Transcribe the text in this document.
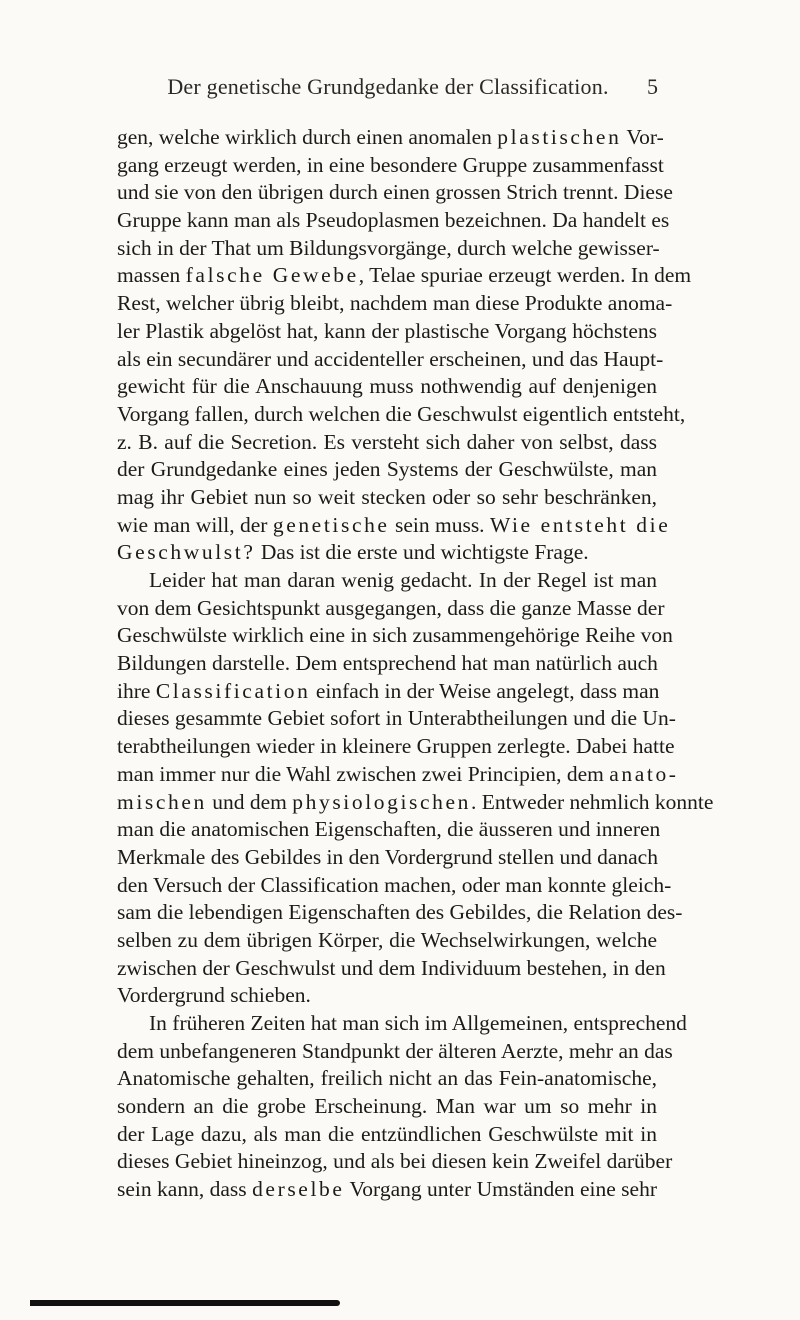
Der genetische Grundgedanke der Classification.	5
gen, welche wirklich durch einen anomalen plastischen Vor-
gang erzeugt werden, in eine besondere Gruppe zusammenfasst
und sie von den übrigen durch einen grossen Strich trennt. Diese
Gruppe kann man als Pseudoplasmen bezeichnen. Da handelt es
sich in der That um Bildungsvorgänge, durch welche gewisser-
massen falsche Gewebe, Telae spuriae erzeugt werden. In dem
Rest, welcher übrig bleibt, nachdem man diese Produkte anoma-
ler Plastik abgelöst hat, kann der plastische Vorgang höchstens
als ein secundärer und accidenteller erscheinen, und das Haupt-
gewicht für die Anschauung muss nothwendig auf denjenigen
Vorgang fallen, durch welchen die Geschwulst eigentlich entsteht,
z. B. auf die Secretion. Es versteht sich daher von selbst, dass
der Grundgedanke eines jeden Systems der Geschwülste, man
mag ihr Gebiet nun so weit stecken oder so sehr beschränken,
wie man will, der genetische sein muss. Wie entsteht die
Geschwulst? Das ist die erste und wichtigste Frage.
Leider hat man daran wenig gedacht. In der Regel ist man
von dem Gesichtspunkt ausgegangen, dass die ganze Masse der
Geschwülste wirklich eine in sich zusammengehörige Reihe von
Bildungen darstelle. Dem entsprechend hat man natürlich auch
ihre Classification einfach in der Weise angelegt, dass man
dieses gesammte Gebiet sofort in Unterabtheilungen und die Un-
terabtheilungen wieder in kleinere Gruppen zerlegte. Dabei hatte
man immer nur die Wahl zwischen zwei Principien, dem anato-
mischen und dem physiologischen. Entweder nehmlich konnte
man die anatomischen Eigenschaften, die äusseren und inneren
Merkmale des Gebildes in den Vordergrund stellen und danach
den Versuch der Classification machen, oder man konnte gleich-
sam die lebendigen Eigenschaften des Gebildes, die Relation des-
selben zu dem übrigen Körper, die Wechselwirkungen, welche
zwischen der Geschwulst und dem Individuum bestehen, in den
Vordergrund schieben.
In früheren Zeiten hat man sich im Allgemeinen, entsprechend
dem unbefangeneren Standpunkt der älteren Aerzte, mehr an das
Anatomische gehalten, freilich nicht an das Fein-anatomische,
sondern an die grobe Erscheinung. Man war um so mehr in
der Lage dazu, als man die entzündlichen Geschwülste mit in
dieses Gebiet hineinzog, und als bei diesen kein Zweifel darüber
sein kann, dass derselbe Vorgang unter Umständen eine sehr
